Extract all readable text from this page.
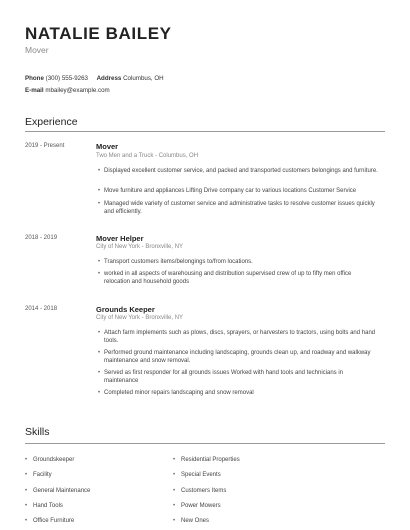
NATALIE BAILEY
Mover
Phone (300) 555-9263 Address Columbus, OH
E-mail mbailey@example.com
Experience
2019 - Present	Mover
Two Men and a Truck - Columbus, OH
• Displayed excellent customer service, and packed and transported customers belongings and furniture.
• Move furniture and appliances Lifting Drive company car to various locations Customer Service
• Managed wide variety of customer service and administrative tasks to resolve customer issues quickly and efficiently.
2018 - 2019	Mover Helper
City of New York - Bronxville, NY
• Transport customers items/belongings to/from locations.
• worked in all aspects of warehousing and distribution supervised crew of up to fifty men office relocation and household goods
2014 - 2018	Grounds Keeper
City of New York - Bronxville, NY
• Attach farm implements such as plows, discs, sprayers, or harvesters to tractors, using bolts and hand tools.
• Performed ground maintenance including landscaping, grounds clean up, and roadway and walkway maintenance and snow removal.
• Served as first responder for all grounds issues Worked with hand tools and technicians in maintenance
• Completed minor repairs landscaping and snow removal
Skills
• Groundskeeper
• Facility
• General Maintenance
• Hand Tools
• Office Furniture
• Residential Properties
• Special Events
• Customers Items
• Power Mowers
• New Ones
